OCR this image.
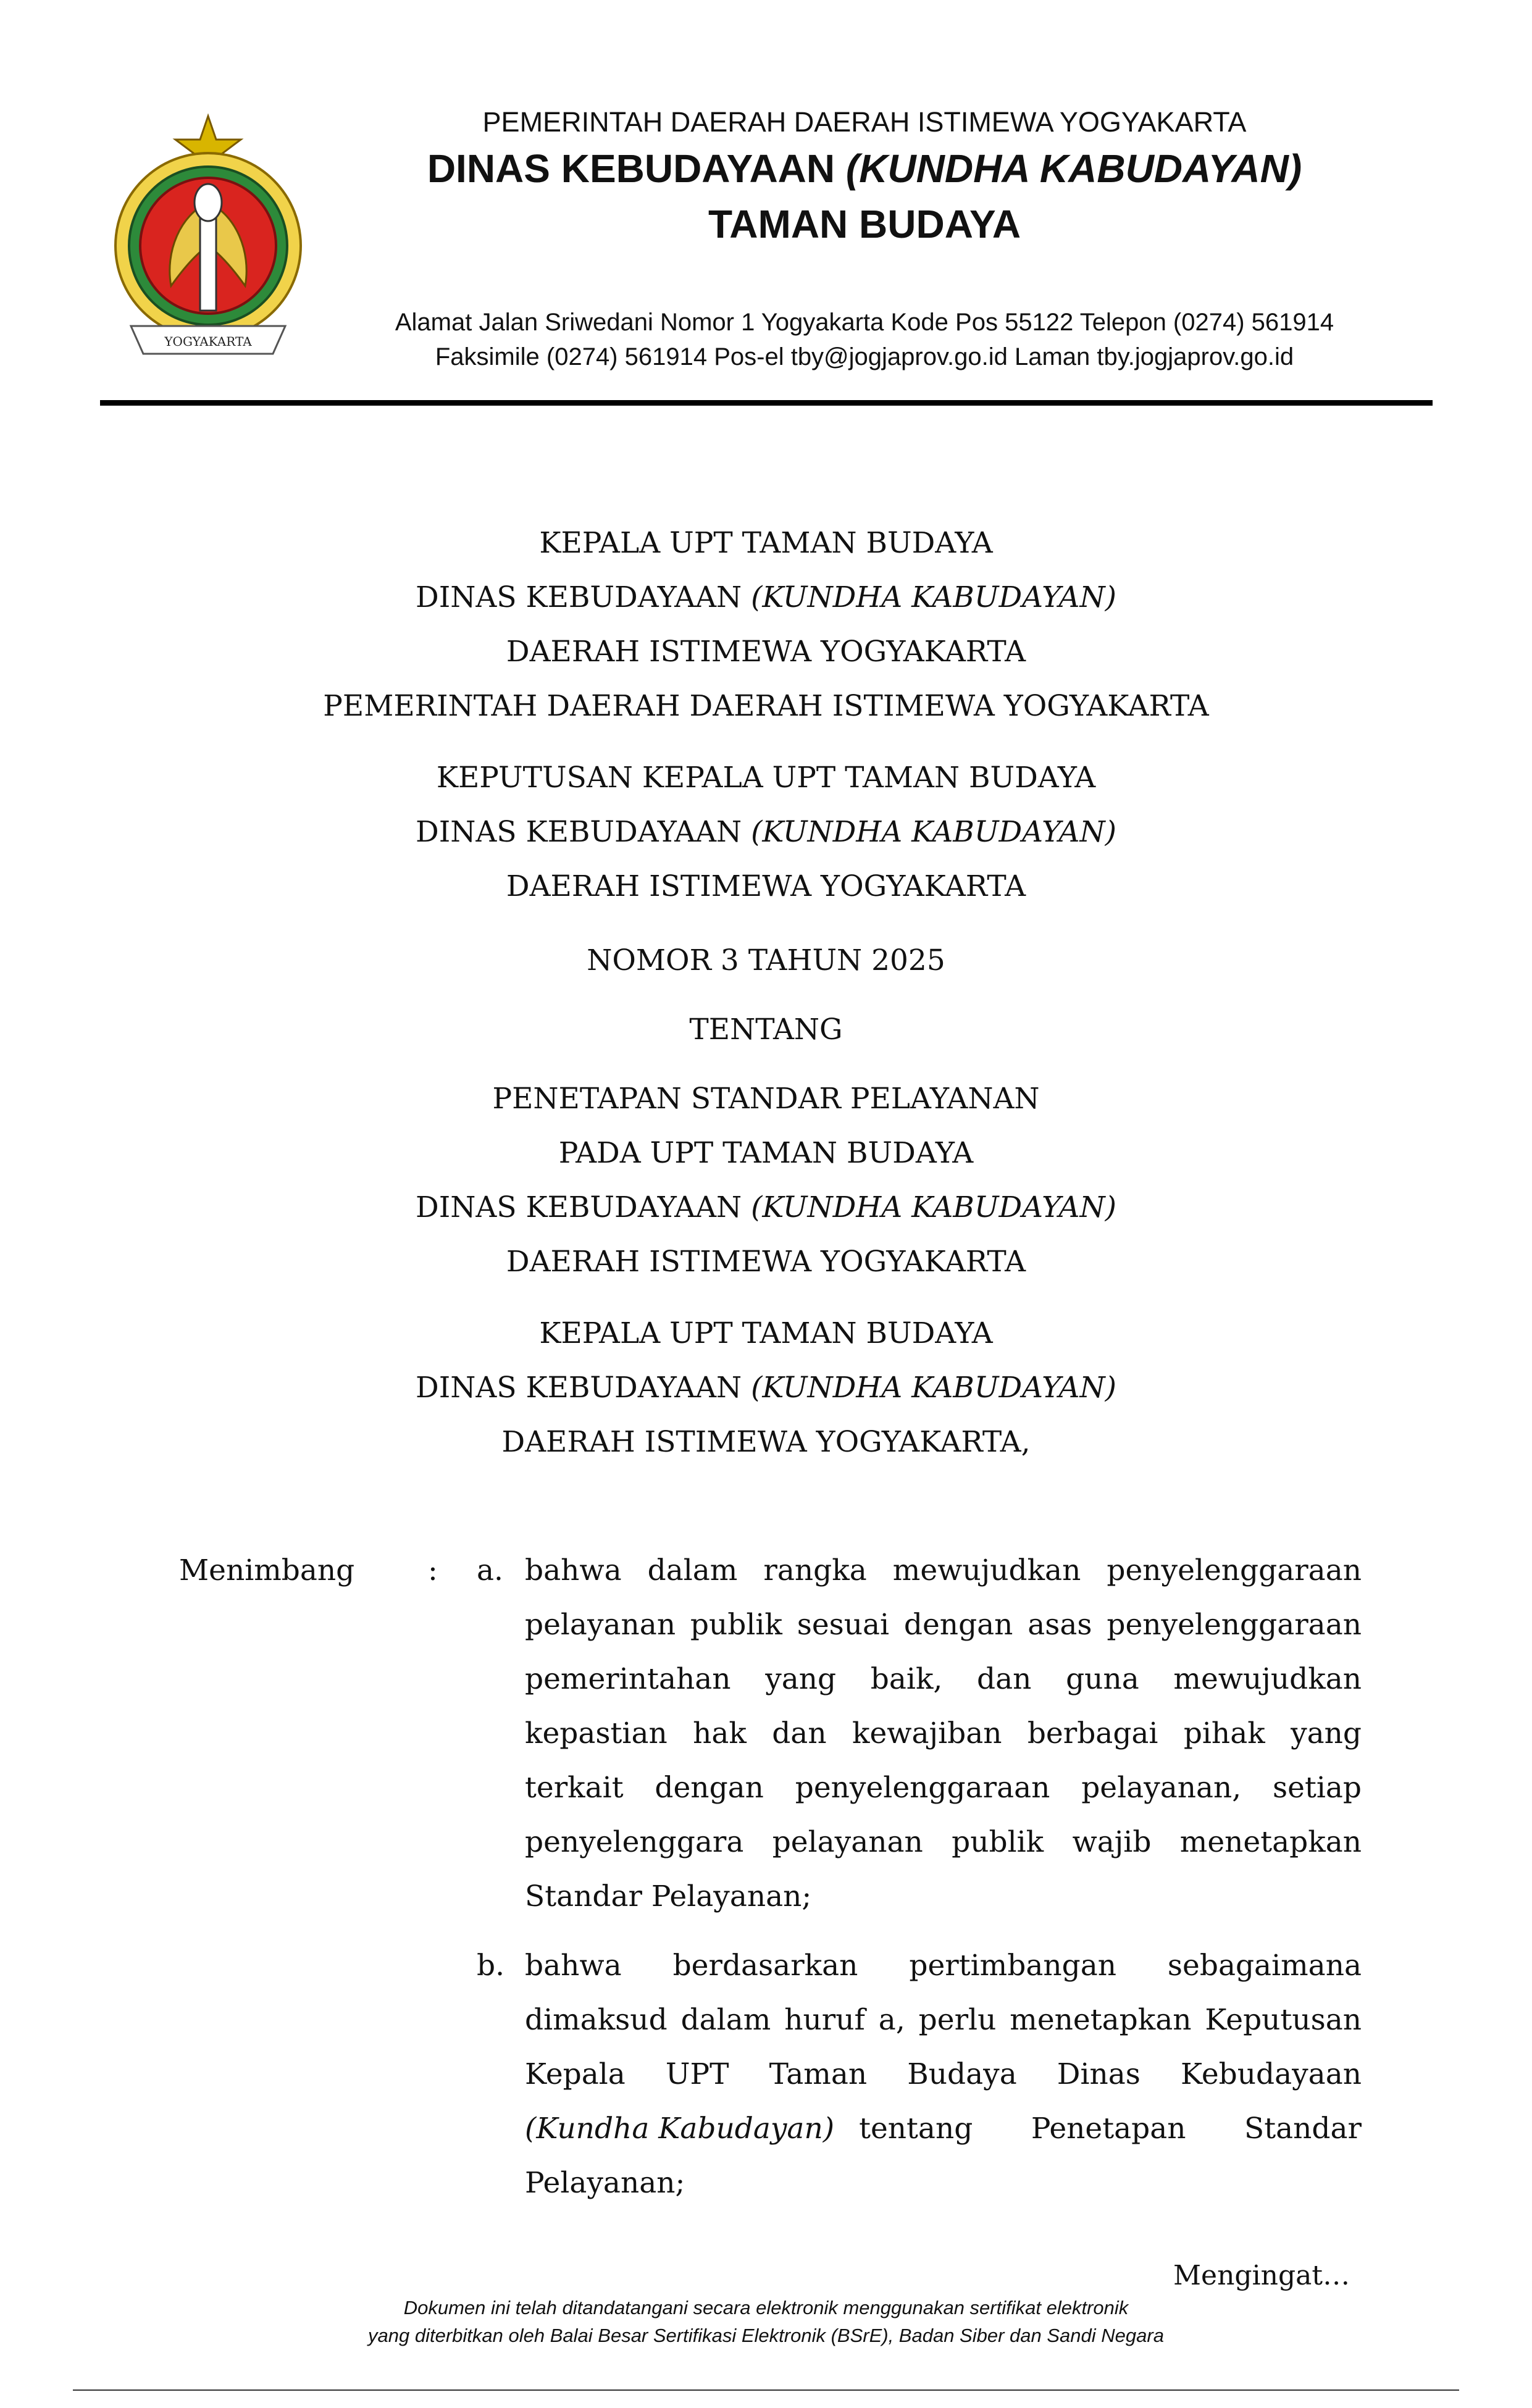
YOGYAKARTA
PEMERINTAH DAERAH DAERAH ISTIMEWA YOGYAKARTA
DINAS KEBUDAYAAN (KUNDHA KABUDAYAN)
TAMAN BUDAYA
Alamat Jalan Sriwedani Nomor 1 Yogyakarta Kode Pos 55122 Telepon (0274) 561914
Faksimile (0274) 561914 Pos-el tby@jogjaprov.go.id Laman tby.jogjaprov.go.id
KEPALA UPT TAMAN BUDAYA
DINAS KEBUDAYAAN (KUNDHA KABUDAYAN)
DAERAH ISTIMEWA YOGYAKARTA
PEMERINTAH DAERAH DAERAH ISTIMEWA YOGYAKARTA
KEPUTUSAN KEPALA UPT TAMAN BUDAYA
DINAS KEBUDAYAAN (KUNDHA KABUDAYAN)
DAERAH ISTIMEWA YOGYAKARTA
NOMOR 3 TAHUN 2025
TENTANG
PENETAPAN STANDAR PELAYANAN
PADA UPT TAMAN BUDAYA
DINAS KEBUDAYAAN (KUNDHA KABUDAYAN)
DAERAH ISTIMEWA YOGYAKARTA
KEPALA UPT TAMAN BUDAYA
DINAS KEBUDAYAAN (KUNDHA KABUDAYAN)
DAERAH ISTIMEWA YOGYAKARTA,
Menimbang	: a. bahwa dalam rangka mewujudkan penyelenggaraan
pelayanan publik sesuai dengan asas penyelenggaraan
pemerintahan yang baik, dan guna mewujudkan
kepastian hak dan kewajiban berbagai pihak yang
terkait dengan penyelenggaraan pelayanan, setiap
penyelenggara pelayanan publik wajib menetapkan
Standar Pelayanan;
b. bahwa berdasarkan pertimbangan sebagaimana
dimaksud dalam huruf a, perlu menetapkan Keputusan
Kepala UPT Taman Budaya Dinas Kebudayaan
(Kundha Kabudayan) tentang Penetapan Standar
Pelayanan;
Mengingat…
Dokumen ini telah ditandatangani secara elektronik menggunakan sertifikat elektronik
yang diterbitkan oleh Balai Besar Sertifikasi Elektronik (BSrE), Badan Siber dan Sandi Negara
